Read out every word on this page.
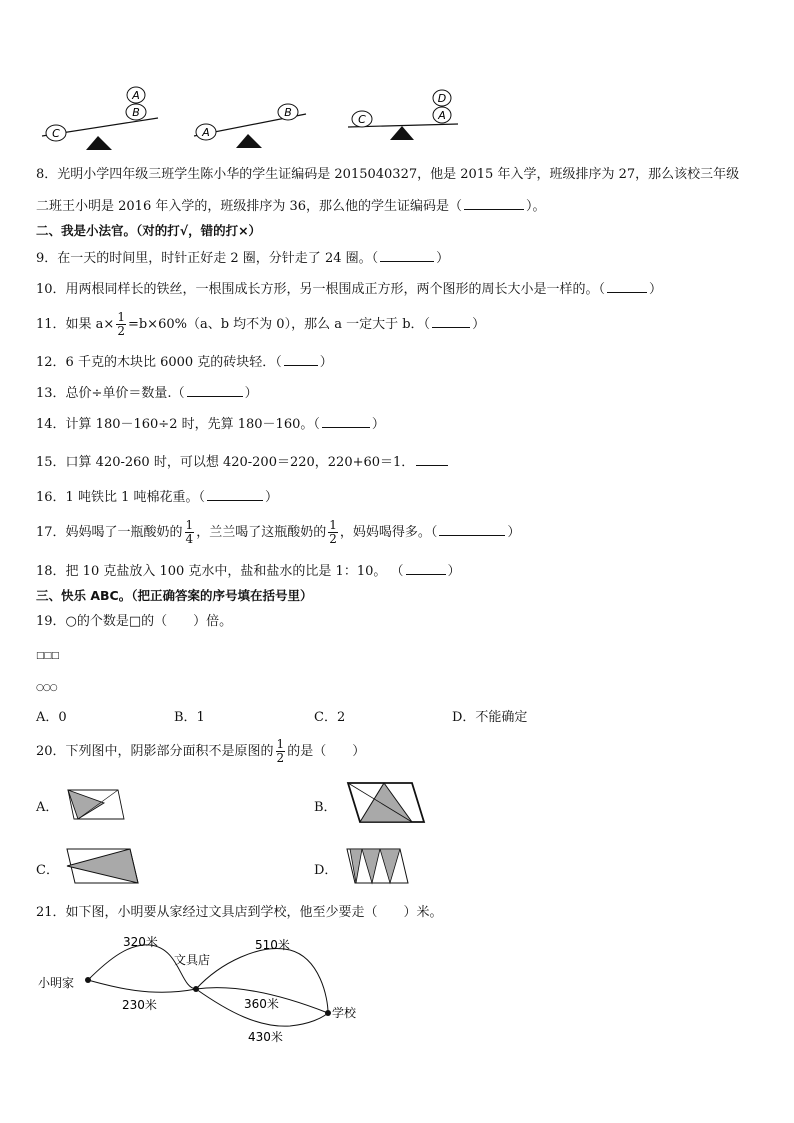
C
A
B
A
B
C
D
A
8．光明小学四年级三班学生陈小华的学生证编码是 2015040327，他是 2015 年入学，班级排序为 27，那么该校三年级
二班王小明是 2016 年入学的，班级排序为 36，那么他的学生证编码是（	）。
二、我是小法官。（对的打√，错的打×）
9．在一天的时间里，时针正好走 2 圈，分针走了 24 圈。（	）
10．用两根同样长的铁丝，一根围成长方形，另一根围成正方形，两个图形的周长大小是一样的。（	）
11．如果 $a\times \frac{1}{2} =b\times 60\%(a$、b 均不为 0），那么 a 一定大于 b．（	）
12．6 千克的木块比 6000 克的砖块轻．（	）
13．总价÷单价＝数量.（	）
14．计算 180－160÷2 时，先算 180－160。（	）
15．口算 420-260 时，可以想 420-200＝220，220+60＝1．
16．1 吨铁比 1 吨棉花重。（	）
17．妈妈喝了一瓶酸奶的 $\frac{1}{4}$ ，兰兰喝了这瓶酸奶的 $\frac{1}{2}$ ，妈妈喝得多。（	）
18．把 10 克盐放入 100 克水中，盐和盐水的比是 1：10。 （	）
三、快乐 ABC。（把正确答案的序号填在括号里）
19．○的个数是□的（　　）倍。
□□□
○○○
A．0	B．1	C．2	D．不能确定
20．下列图中，阴影部分面积不是原图的 $\frac{1}{2}$ 的是（　　）
A．	B．
C．	D．
21．如下图，小明要从家经过文具店到学校，他至少要走（　　）米。
小明家
文具店
学校
320米
230米
510米
360米
430米
